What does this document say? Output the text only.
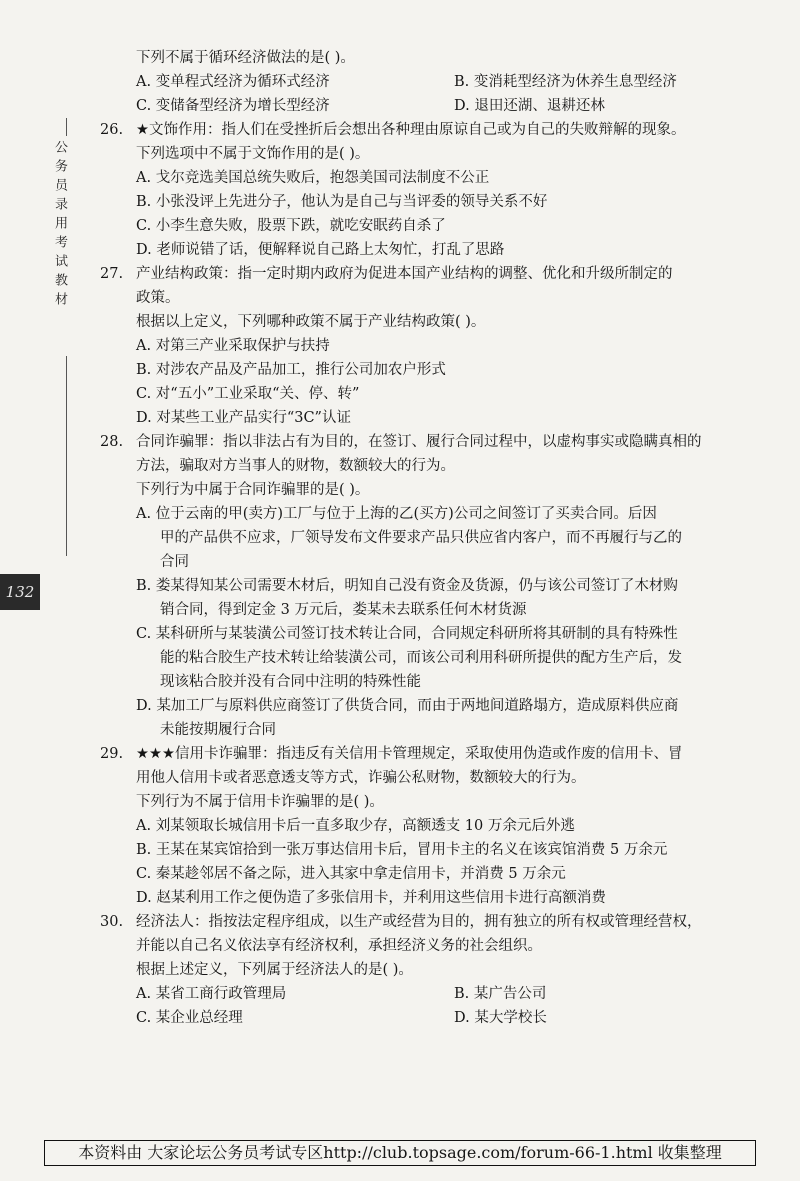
公务员录用考试教材
132
下列不属于循环经济做法的是( )。
A. 变单程式经济为循环式经济	B. 变消耗型经济为休养生息型经济
C. 变储备型经济为增长型经济	D. 退田还湖、退耕还林
26. ★文饰作用：指人们在受挫折后会想出各种理由原谅自己或为自己的失败辩解的现象。
下列选项中不属于文饰作用的是( )。
A. 戈尔竞选美国总统失败后，抱怨美国司法制度不公正
B. 小张没评上先进分子，他认为是自己与当评委的领导关系不好
C. 小李生意失败，股票下跌，就吃安眠药自杀了
D. 老师说错了话，便解释说自己路上太匆忙，打乱了思路
27. 产业结构政策：指一定时期内政府为促进本国产业结构的调整、优化和升级所制定的
政策。
根据以上定义，下列哪种政策不属于产业结构政策( )。
A. 对第三产业采取保护与扶持
B. 对涉农产品及产品加工，推行公司加农户形式
C. 对“五小”工业采取“关、停、转”
D. 对某些工业产品实行“3C”认证
28. 合同诈骗罪：指以非法占有为目的，在签订、履行合同过程中，以虚构事实或隐瞒真相的
方法，骗取对方当事人的财物，数额较大的行为。
下列行为中属于合同诈骗罪的是( )。
A. 位于云南的甲(卖方)工厂与位于上海的乙(买方)公司之间签订了买卖合同。后因
甲的产品供不应求，厂领导发布文件要求产品只供应省内客户，而不再履行与乙的
合同
B. 娄某得知某公司需要木材后，明知自己没有资金及货源，仍与该公司签订了木材购
销合同，得到定金 3 万元后，娄某未去联系任何木材货源
C. 某科研所与某装潢公司签订技术转让合同，合同规定科研所将其研制的具有特殊性
能的粘合胶生产技术转让给装潢公司，而该公司利用科研所提供的配方生产后，发
现该粘合胶并没有合同中注明的特殊性能
D. 某加工厂与原料供应商签订了供货合同，而由于两地间道路塌方，造成原料供应商
未能按期履行合同
29. ★★★信用卡诈骗罪：指违反有关信用卡管理规定，采取使用伪造或作废的信用卡、冒
用他人信用卡或者恶意透支等方式，诈骗公私财物，数额较大的行为。
下列行为不属于信用卡诈骗罪的是( )。
A. 刘某领取长城信用卡后一直多取少存，高额透支 10 万余元后外逃
B. 王某在某宾馆拾到一张万事达信用卡后，冒用卡主的名义在该宾馆消费 5 万余元
C. 秦某趁邻居不备之际，进入其家中拿走信用卡，并消费 5 万余元
D. 赵某利用工作之便伪造了多张信用卡，并利用这些信用卡进行高额消费
30. 经济法人：指按法定程序组成，以生产或经营为目的，拥有独立的所有权或管理经营权，
并能以自己名义依法享有经济权利，承担经济义务的社会组织。
根据上述定义，下列属于经济法人的是( )。
A. 某省工商行政管理局	B. 某广告公司
C. 某企业总经理	D. 某大学校长
本资料由 大家论坛公务员考试专区http://club.topsage.com/forum-66-1.html 收集整理
